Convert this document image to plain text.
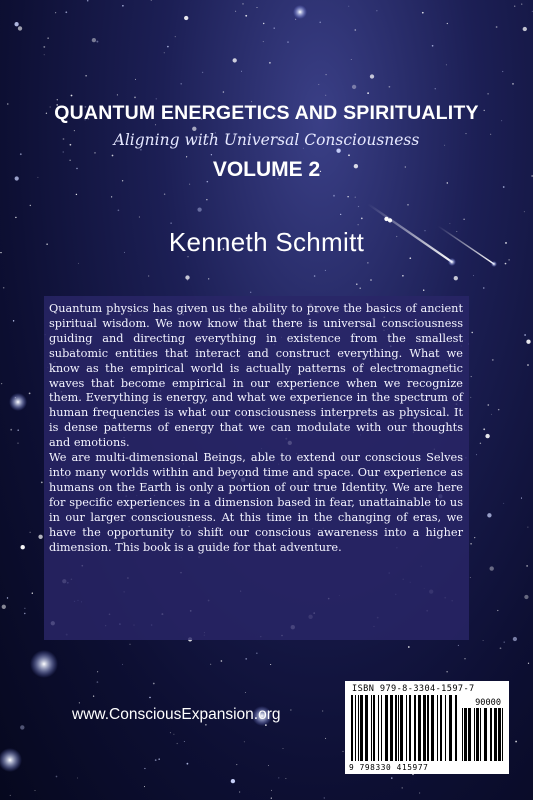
QUANTUM ENERGETICS AND SPIRITUALITY
Aligning with Universal Consciousness
VOLUME 2
Kenneth Schmitt

Quantum physics has given us the ability to prove the basics of ancient spiritual wisdom. We now know that there is universal consciousness guiding and directing everything in existence from the smallest subatomic entities that interact and construct everything. What we know as the empirical world is actually patterns of electromagnetic waves that become empirical in our experience when we recognize them. Everything is energy, and what we experience in the spectrum of human frequencies is what our consciousness interprets as physical. It is dense patterns of energy that we can modulate with our thoughts and emotions.

We are multi-dimensional Beings, able to extend our conscious Selves into many worlds within and beyond time and space. Our experience as humans on the Earth is only a portion of our true Identity. We are here for specific experiences in a dimension based in fear, unattainable to us in our larger consciousness. At this time in the changing of eras, we have the opportunity to shift our conscious awareness into a higher dimension. This book is a guide for that adventure.

www.ConsciousExpansion.org
ISBN 979-8-3304-1597-7
90000
9 798330 415977
